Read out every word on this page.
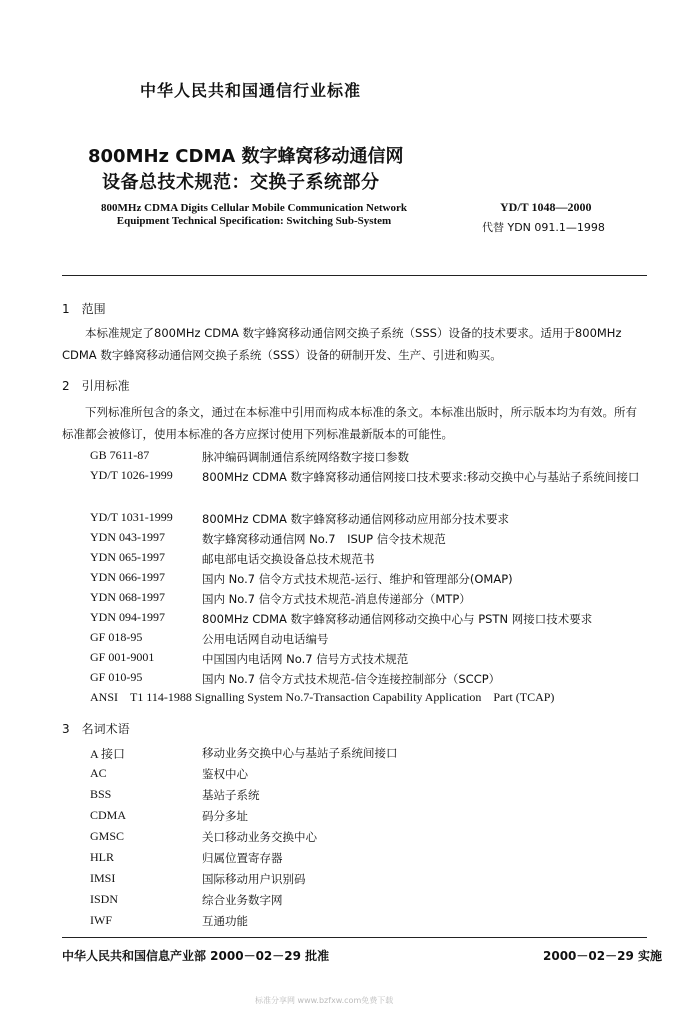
中华人民共和国通信行业标准
800MHz CDMA 数字蜂窝移动通信网
设备总技术规范：交换子系统部分
800MHz CDMA Digits Cellular Mobile Communication Network Equipment Technical Specification: Switching Sub-System
YD/T 1048—2000
代替 YDN 091.1—1998
1　范围

本标准规定了800MHz CDMA 数字蜂窝移动通信网交换子系统（SSS）设备的技术要求。适用于800MHz CDMA 数字蜂窝移动通信网交换子系统（SSS）设备的研制开发、生产、引进和购买。

2　引用标准

下列标准所包含的条文，通过在本标准中引用而构成本标准的条文。本标准出版时，所示版本均为有效。所有标准都会被修订，使用本标准的各方应探讨使用下列标准最新版本的可能性。

GB 7611-87	脉冲编码调制通信系统网络数字接口参数
YD/T 1026-1999	800MHz CDMA 数字蜂窝移动通信网接口技术要求:移动交换中心与基站子系统间接口
YD/T 1031-1999	800MHz CDMA 数字蜂窝移动通信网移动应用部分技术要求
YDN 043-1997	数字蜂窝移动通信网 No.7　ISUP 信令技术规范
YDN 065-1997	邮电部电话交换设备总技术规范书
YDN 066-1997	国内 No.7 信令方式技术规范-运行、维护和管理部分(OMAP)
YDN 068-1997	国内 No.7 信令方式技术规范-消息传递部分（MTP）
YDN 094-1997	800MHz CDMA 数字蜂窝移动通信网移动交换中心与 PSTN 网接口技术要求
GF 018-95	公用电话网自动电话编号
GF 001-9001	中国国内电话网 No.7 信号方式技术规范
GF 010-95	国内 No.7 信令方式技术规范-信令连接控制部分（SCCP）
ANSI　T1 114-1988 Signalling System No.7-Transaction Capability Application　Part (TCAP)
3　名词术语
A 接口	移动业务交换中心与基站子系统间接口
AC	鉴权中心
BSS	基站子系统
CDMA	码分多址
GMSC	关口移动业务交换中心
HLR	归属位置寄存器
IMSI	国际移动用户识别码
ISDN	综合业务数字网
IWF	互通功能
中华人民共和国信息产业部 2000－02－29 批准	2000－02－29 实施
标准分享网 www.bzfxw.com免费下载
